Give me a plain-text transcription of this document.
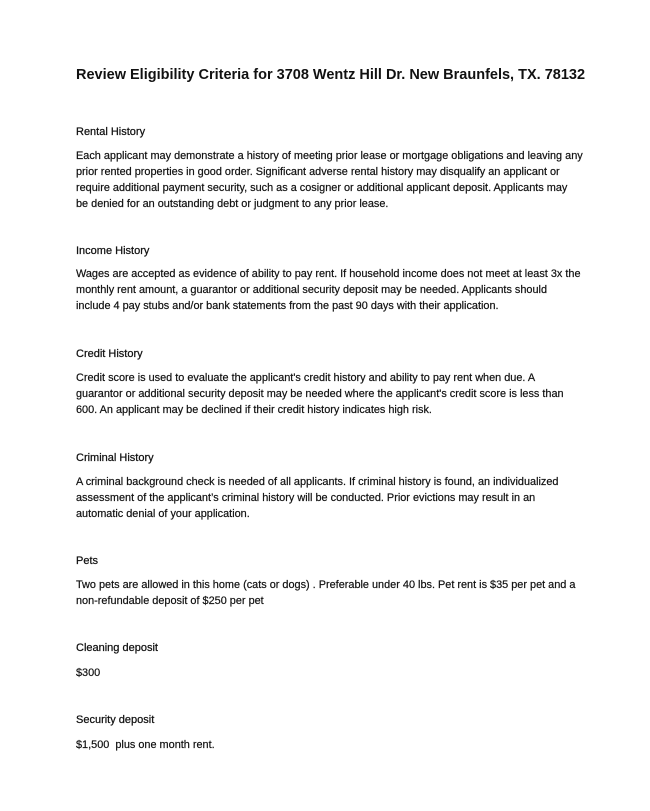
Review Eligibility Criteria for 3708 Wentz Hill Dr. New Braunfels, TX. 78132
Rental History

Each applicant may demonstrate a history of meeting prior lease or mortgage obligations and leaving any
prior rented properties in good order. Significant adverse rental history may disqualify an applicant or
require additional payment security, such as a cosigner or additional applicant deposit. Applicants may
be denied for an outstanding debt or judgment to any prior lease.

Income History

Wages are accepted as evidence of ability to pay rent. If household income does not meet at least 3x the
monthly rent amount, a guarantor or additional security deposit may be needed. Applicants should
include 4 pay stubs and/or bank statements from the past 90 days with their application.

Credit History

Credit score is used to evaluate the applicant's credit history and ability to pay rent when due. A
guarantor or additional security deposit may be needed where the applicant's credit score is less than
600. An applicant may be declined if their credit history indicates high risk.

Criminal History

A criminal background check is needed of all applicants. If criminal history is found, an individualized
assessment of the applicant’s criminal history will be conducted. Prior evictions may result in an
automatic denial of your application.

Pets

Two pets are allowed in this home (cats or dogs) . Preferable under 40 lbs. Pet rent is $35 per pet and a
non-refundable deposit of $250 per pet

Cleaning deposit

$300

Security deposit

$1,500  plus one month rent.
